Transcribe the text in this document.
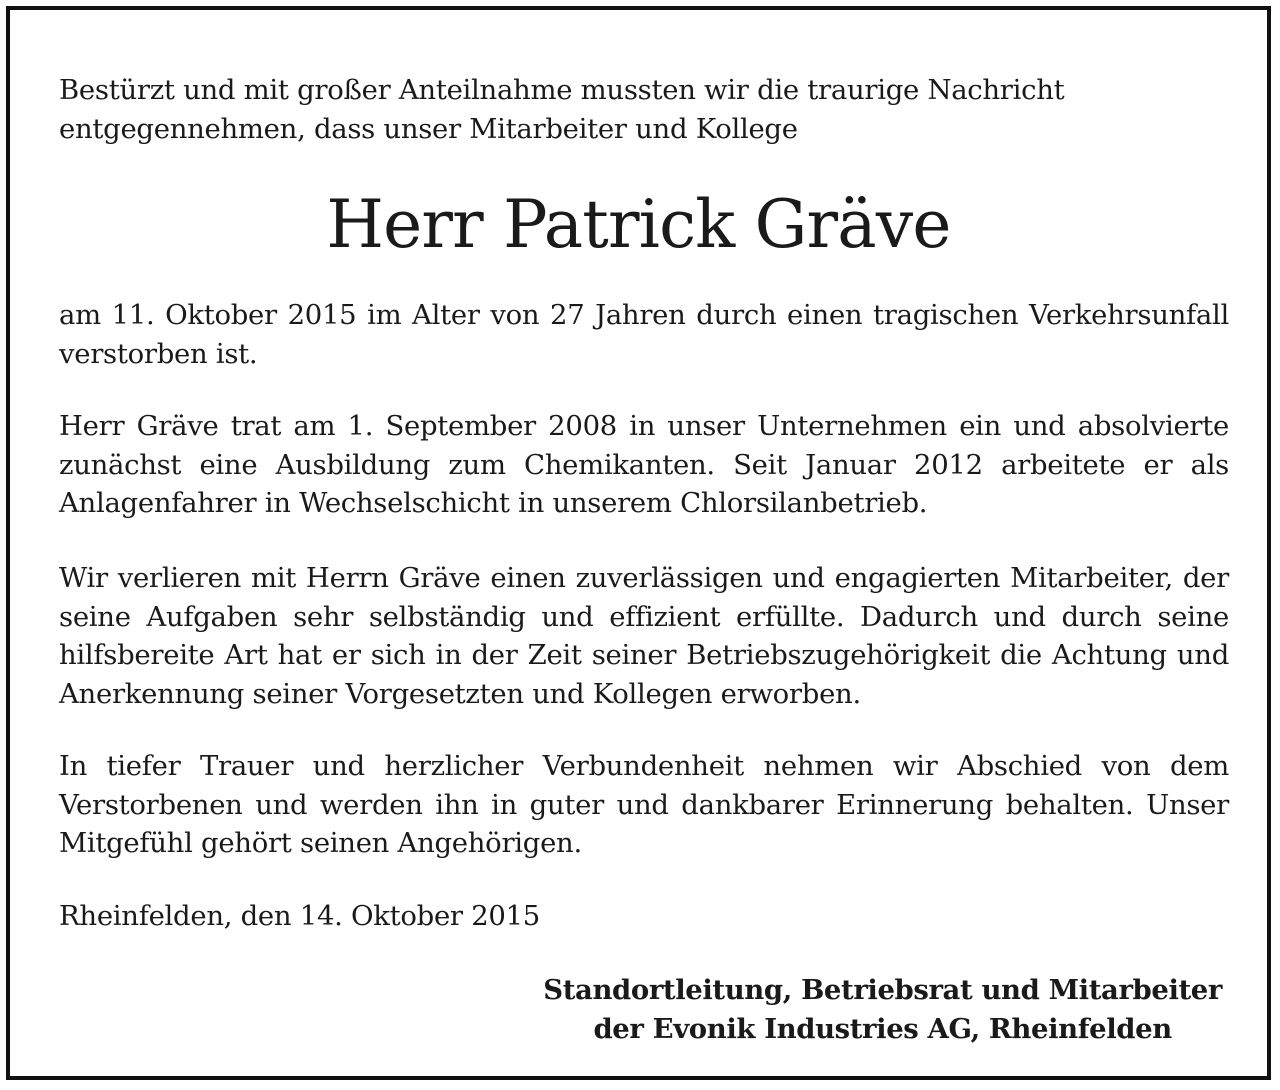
Bestürzt und mit großer Anteilnahme mussten wir die traurige Nachricht entgegennehmen, dass unser Mitarbeiter und Kollege

Herr Patrick Gräve

am 11. Oktober 2015 im Alter von 27 Jahren durch einen tragischen Verkehrsunfall verstorben ist.

Herr Gräve trat am 1. September 2008 in unser Unternehmen ein und absolvierte zunächst eine Ausbildung zum Chemikanten. Seit Januar 2012 arbeitete er als Anlagenfahrer in Wechselschicht in unserem Chlorsilanbetrieb.

Wir verlieren mit Herrn Gräve einen zuverlässigen und engagierten Mitarbeiter, der seine Aufgaben sehr selbständig und effizient erfüllte. Dadurch und durch seine hilfsbereite Art hat er sich in der Zeit seiner Betriebszugehörigkeit die Achtung und Anerkennung seiner Vorgesetzten und Kollegen erworben.

In tiefer Trauer und herzlicher Verbundenheit nehmen wir Abschied von dem Verstorbenen und werden ihn in guter und dankbarer Erinnerung behalten. Unser Mitgefühl gehört seinen Angehörigen.

Rheinfelden, den 14. Oktober 2015

Standortleitung, Betriebsrat und Mitarbeiter
der Evonik Industries AG, Rheinfelden
